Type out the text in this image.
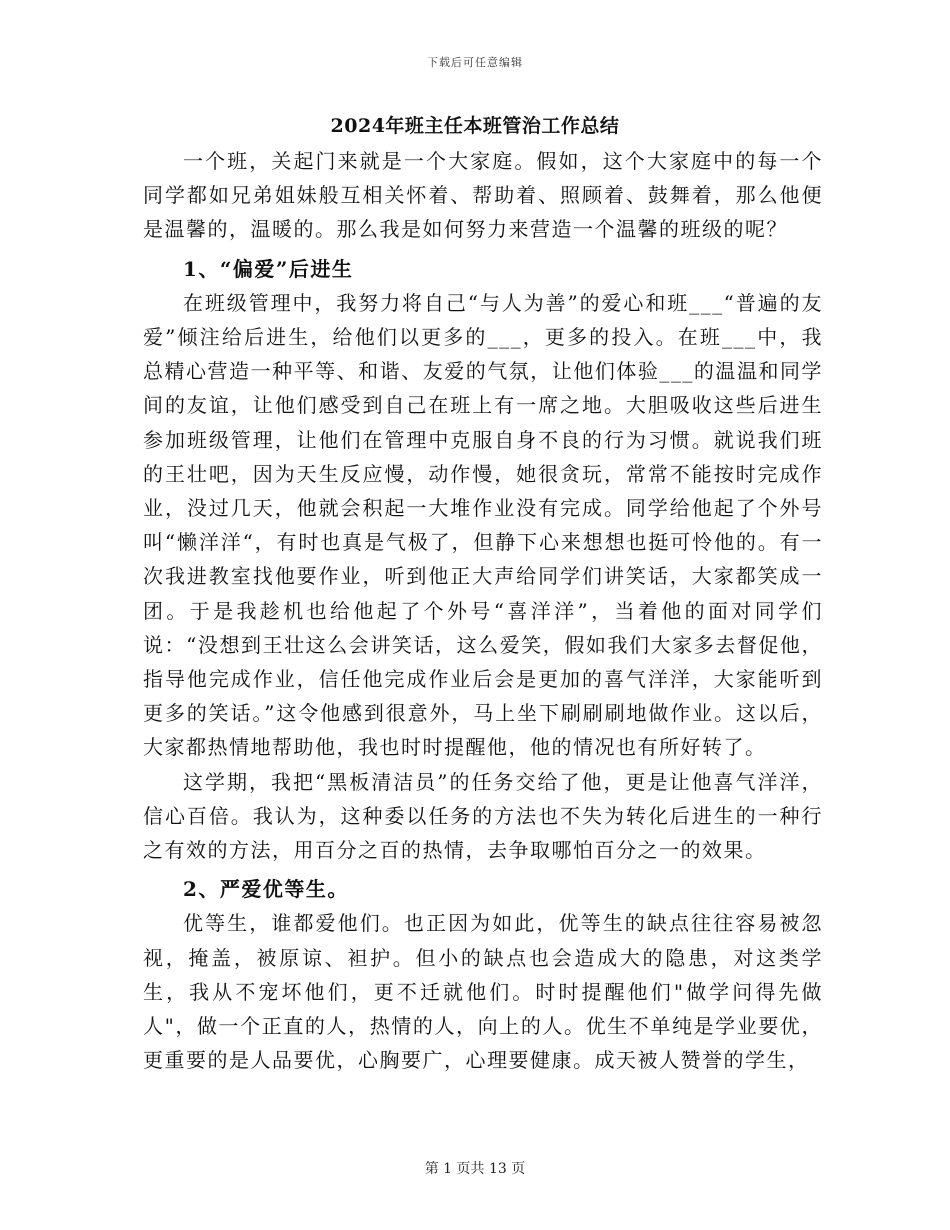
下载后可任意编辑
2024年班主任本班管治工作总结

一个班，关起门来就是一个大家庭。假如，这个大家庭中的每一个同学都如兄弟姐妹般互相关怀着、帮助着、照顾着、鼓舞着，那么他便是温馨的，温暖的。那么我是如何努力来营造一个温馨的班级的呢？

1、“偏爱”后进生

在班级管理中，我努力将自己“与人为善”的爱心和班___“普遍的友爱”倾注给后进生，给他们以更多的___，更多的投入。在班___中，我总精心营造一种平等、和谐、友爱的气氛，让他们体验___的温温和同学间的友谊，让他们感受到自己在班上有一席之地。大胆吸收这些后进生参加班级管理，让他们在管理中克服自身不良的行为习惯。就说我们班的王壮吧，因为天生反应慢，动作慢，她很贪玩，常常不能按时完成作业，没过几天，他就会积起一大堆作业没有完成。同学给他起了个外号叫“懒洋洋“，有时也真是气极了，但静下心来想想也挺可怜他的。有一次我进教室找他要作业，听到他正大声给同学们讲笑话，大家都笑成一团。于是我趁机也给他起了个外号“喜洋洋”，当着他的面对同学们说：“没想到王壮这么会讲笑话，这么爱笑，假如我们大家多去督促他，指导他完成作业，信任他完成作业后会是更加的喜气洋洋，大家能听到更多的笑话。”这令他感到很意外，马上坐下刷刷刷地做作业。这以后，大家都热情地帮助他，我也时时提醒他，他的情况也有所好转了。

这学期，我把“黑板清洁员”的任务交给了他，更是让他喜气洋洋，信心百倍。我认为，这种委以任务的方法也不失为转化后进生的一种行之有效的方法，用百分之百的热情，去争取哪怕百分之一的效果。

2、严爱优等生。

优等生，谁都爱他们。也正因为如此，优等生的缺点往往容易被忽视，掩盖，被原谅、袒护。但小的缺点也会造成大的隐患，对这类学生，我从不宠坏他们，更不迁就他们。时时提醒他们"做学问得先做人"，做一个正直的人，热情的人，向上的人。优生不单纯是学业要优，更重要的是人品要优，心胸要广，心理要健康。成天被人赞誉的学生，

第 1 页共 13 页
